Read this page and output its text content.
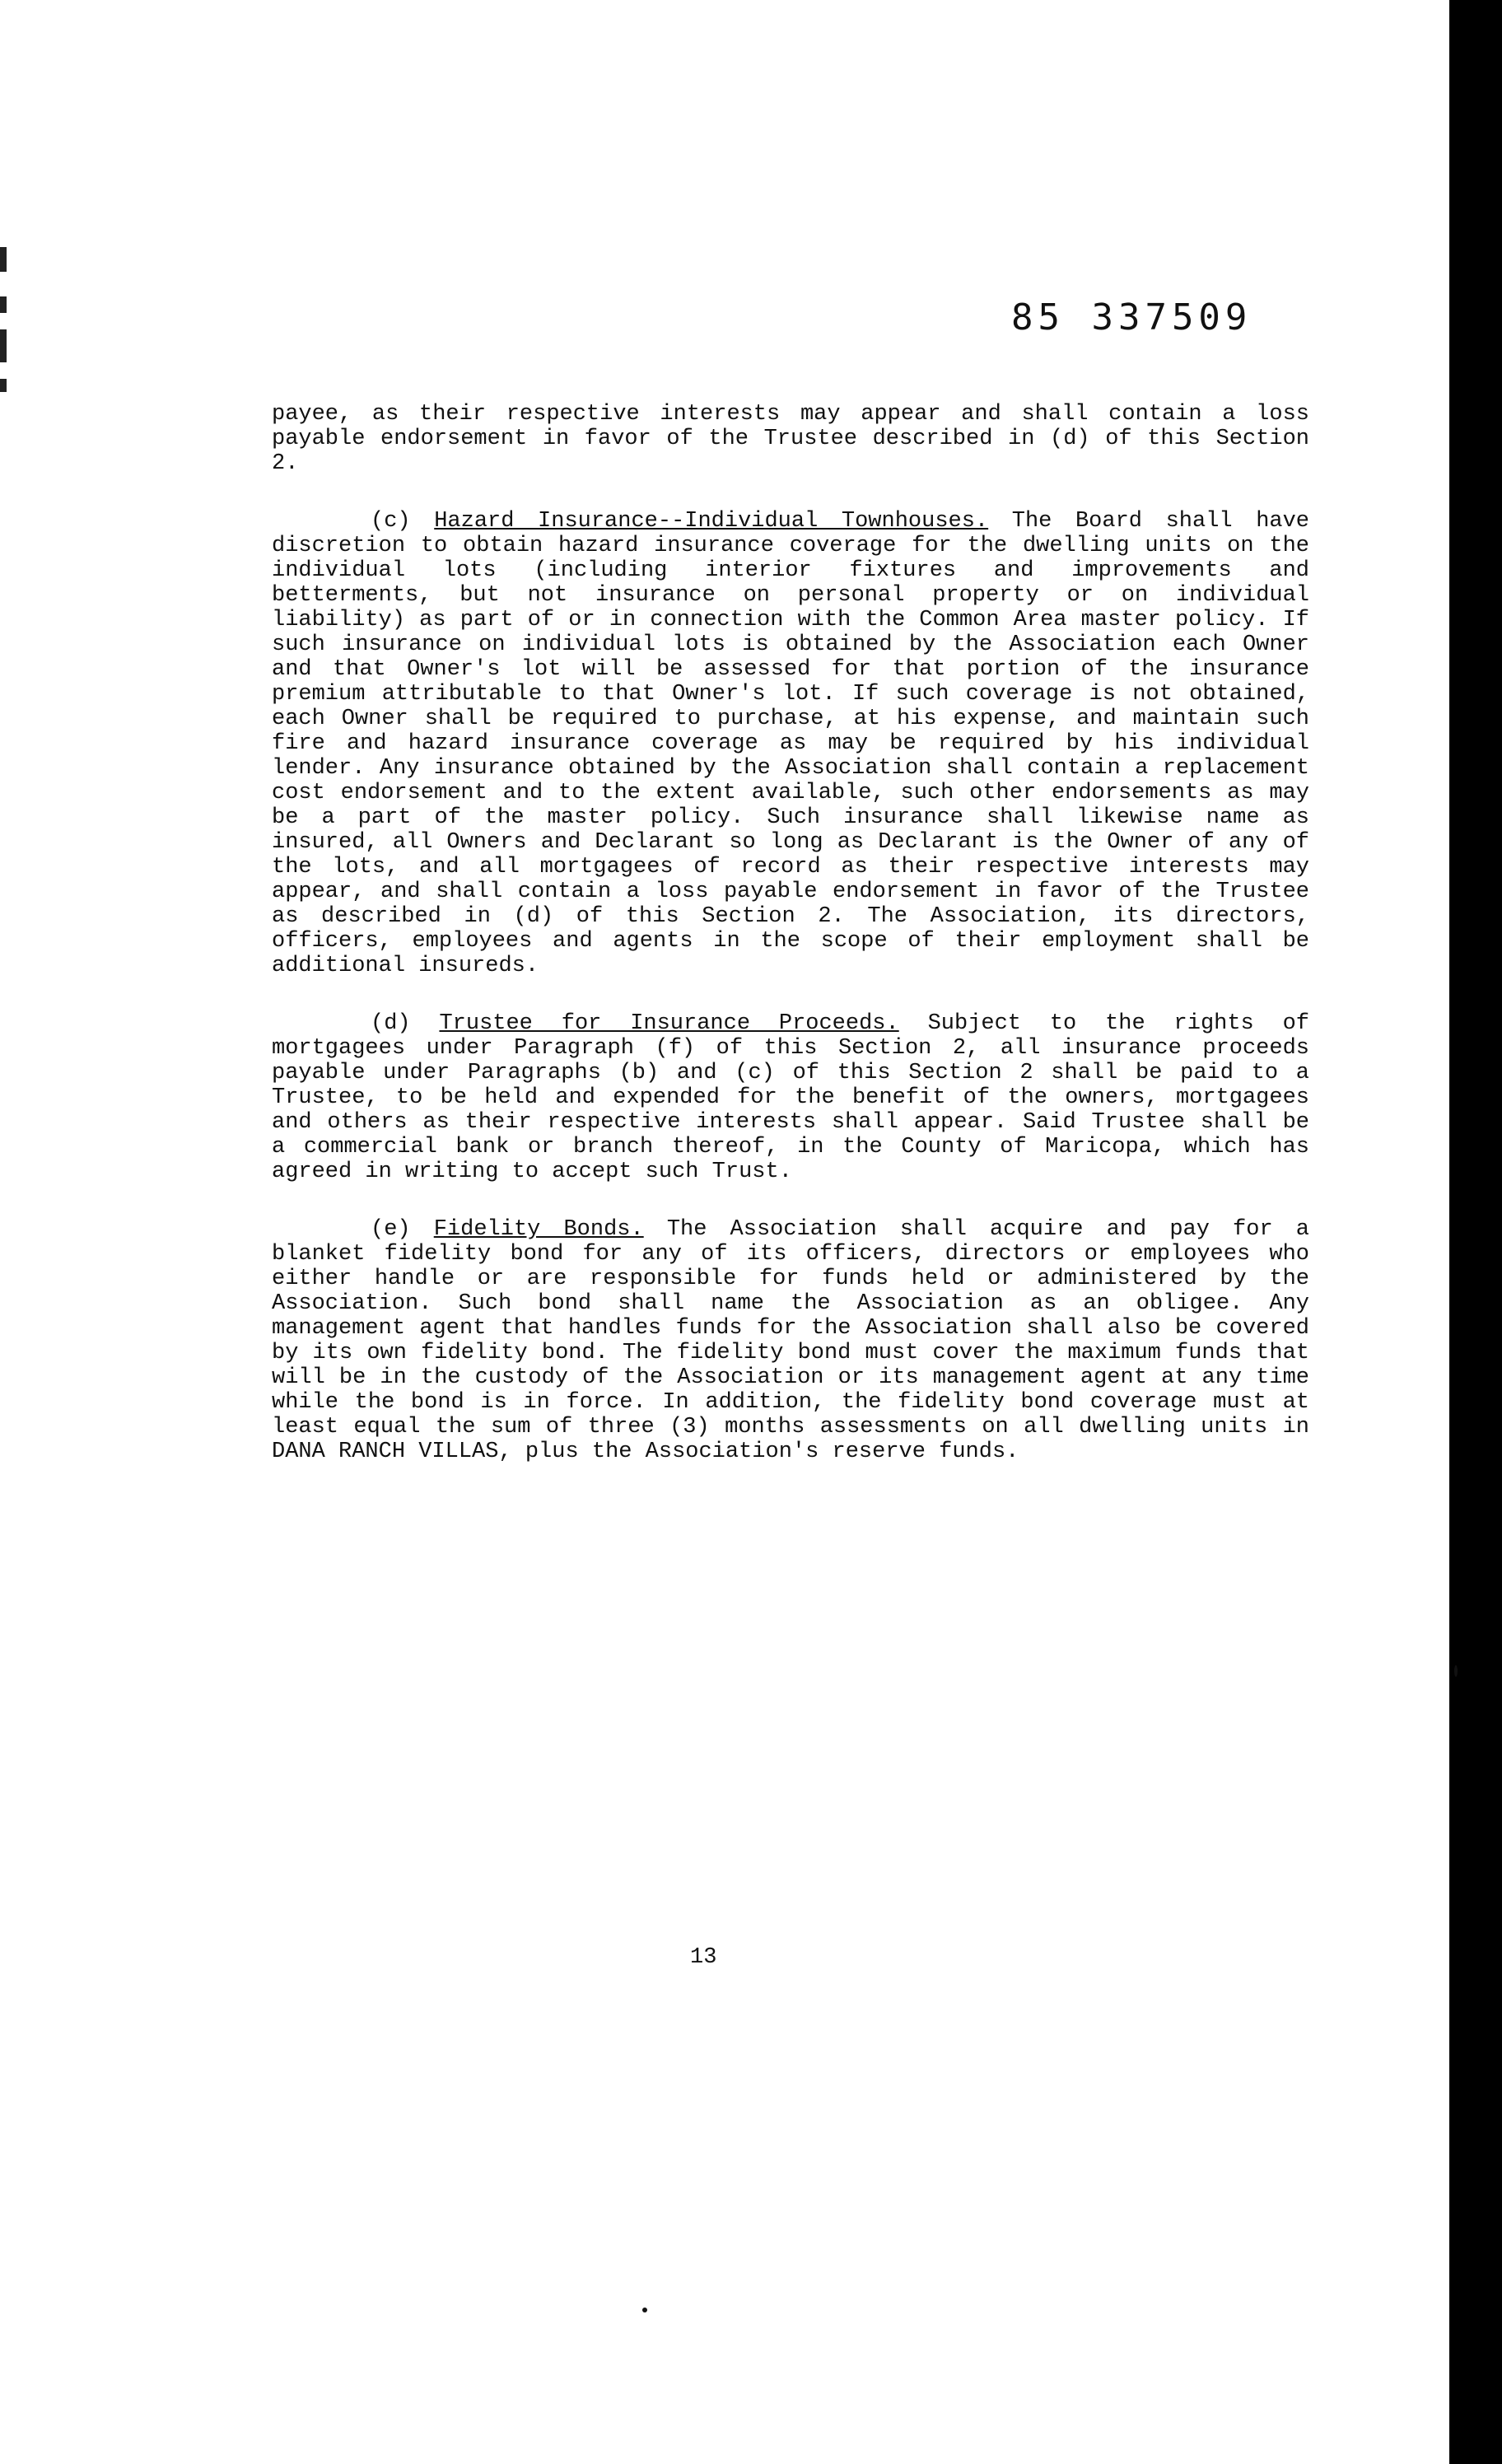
85 337509

payee, as their respective interests may appear and shall contain a loss payable endorsement in favor of the Trustee described in (d) of this Section 2.

(c) Hazard Insurance--Individual Townhouses. The Board shall have discretion to obtain hazard insurance coverage for the dwelling units on the individual lots (including interior fixtures and improvements and betterments, but not insurance on personal property or on individual liability) as part of or in connection with the Common Area master policy. If such insurance on individual lots is obtained by the Association each Owner and that Owner's lot will be assessed for that portion of the insurance premium attributable to that Owner's lot. If such coverage is not obtained, each Owner shall be required to purchase, at his expense, and maintain such fire and hazard insurance coverage as may be required by his individual lender. Any insurance obtained by the Association shall contain a replacement cost endorsement and to the extent available, such other endorsements as may be a part of the master policy. Such insurance shall likewise name as insured, all Owners and Declarant so long as Declarant is the Owner of any of the lots, and all mortgagees of record as their respective interests may appear, and shall contain a loss payable endorsement in favor of the Trustee as described in (d) of this Section 2. The Association, its directors, officers, employees and agents in the scope of their employment shall be additional insureds.

(d) Trustee for Insurance Proceeds. Subject to the rights of mortgagees under Paragraph (f) of this Section 2, all insurance proceeds payable under Paragraphs (b) and (c) of this Section 2 shall be paid to a Trustee, to be held and expended for the benefit of the owners, mortgagees and others as their respective interests shall appear. Said Trustee shall be a commercial bank or branch thereof, in the County of Maricopa, which has agreed in writing to accept such Trust.

(e) Fidelity Bonds. The Association shall acquire and pay for a blanket fidelity bond for any of its officers, directors or employees who either handle or are responsible for funds held or administered by the Association. Such bond shall name the Association as an obligee. Any management agent that handles funds for the Association shall also be covered by its own fidelity bond. The fidelity bond must cover the maximum funds that will be in the custody of the Association or its management agent at any time while the bond is in force. In addition, the fidelity bond coverage must at least equal the sum of three (3) months assessments on all dwelling units in DANA RANCH VILLAS, plus the Association's reserve funds.

13
